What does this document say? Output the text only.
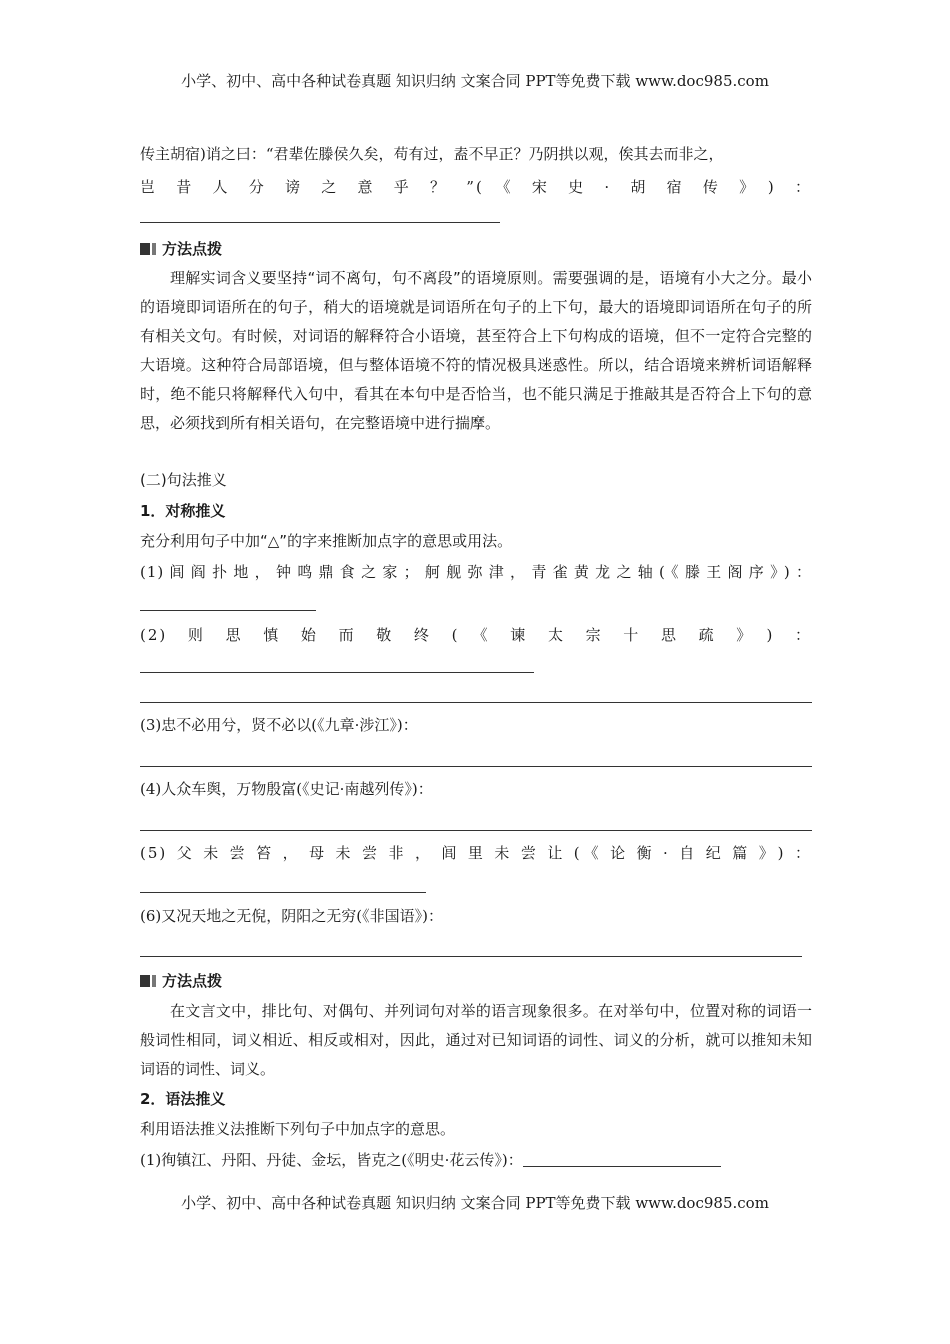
小学、初中、高中各种试卷真题 知识归纳 文案合同 PPT等免费下载 www.doc985.com
传主胡宿)诮之曰：“君辈佐滕侯久矣，苟有过，盍不早正？乃阴拱以观，俟其去而非之，
岂昔人分谤之意乎？”(《宋史·胡宿传》)：
方法点拨
理解实词含义要坚持“词不离句，句不离段”的语境原则。需要强调的是，语境有小大之分。最小的语境即词语所在的句子，稍大的语境就是词语所在句子的上下句，最大的语境即词语所在句子的所有相关文句。有时候，对词语的解释符合小语境，甚至符合上下句构成的语境，但不一定符合完整的大语境。这种符合局部语境，但与整体语境不符的情况极具迷惑性。所以，结合语境来辨析词语解释时，绝不能只将解释代入句中，看其在本句中是否恰当，也不能只满足于推敲其是否符合上下句的意思，必须找到所有相关语句，在完整语境中进行揣摩。
(二)句法推义
1．对称推义
充分利用句子中加“△”的字来推断加点字的意思或用法。
(1)闾阎扑地，钟鸣鼎食之家；舸舰弥津，青雀黄龙之轴(《滕王阁序》)：
(2)则思慎始而敬终(《谏太宗十思疏》)：
(3)忠不必用兮，贤不必以(《九章·涉江》)：
(4)人众车舆，万物殷富(《史记·南越列传》)：
(5)父未尝笞，母未尝非，闾里未尝让(《论衡·自纪篇》)：
(6)又况天地之无倪，阴阳之无穷(《非国语》)：
方法点拨
在文言文中，排比句、对偶句、并列词句对举的语言现象很多。在对举句中，位置对称的词语一般词性相同，词义相近、相反或相对，因此，通过对已知词语的词性、词义的分析，就可以推知未知词语的词性、词义。
2．语法推义
利用语法推义法推断下列句子中加点字的意思。
(1)徇镇江、丹阳、丹徒、金坛，皆克之(《明史·花云传》)：
小学、初中、高中各种试卷真题 知识归纳 文案合同 PPT等免费下载 www.doc985.com
